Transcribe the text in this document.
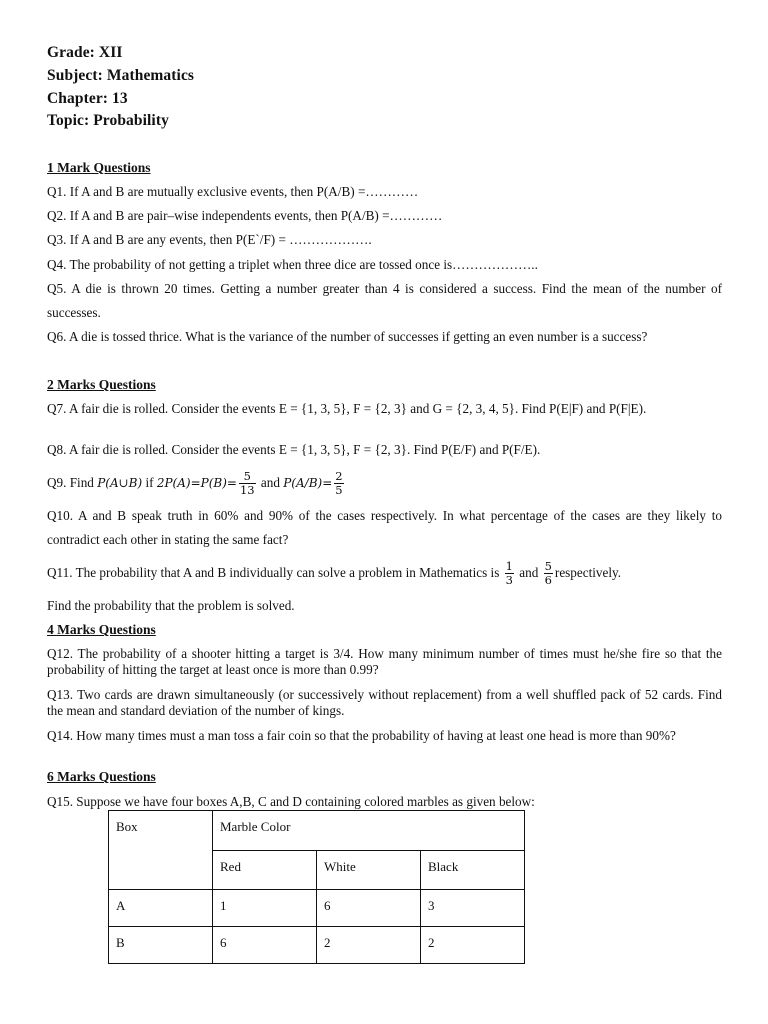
Grade: XII
Subject: Mathematics
Chapter: 13
Topic: Probability
1 Mark Questions
Q1. If A and B are mutually exclusive events, then P(A/B) =…………
Q2. If A and B are pair–wise independents events, then P(A/B) =…………
Q3. If A and B are any events, then P(E`/F) = ……………….
Q4. The probability of not getting a triplet when three dice are tossed once is………………..
Q5. A die is thrown 20 times. Getting a number greater than 4 is considered a success. Find the mean of the number of successes.
Q6. A die is tossed thrice. What is the variance of the number of successes if getting an even number is a success?
2 Marks Questions
Q7. A fair die is rolled. Consider the events E = {1, 3, 5}, F = {2, 3} and G = {2, 3, 4, 5}. Find P(E|F) and P(F|E).
Q8. A fair die is rolled. Consider the events E = {1, 3, 5}, F = {2, 3}. Find P(E/F) and P(F/E).
Q9. Find P(A∪B) if $2P(A)=P(B)= \frac{5}{13}$ and $P(A/B)= \frac{2}{5}$
Q10. A and B speak truth in 60% and 90% of the cases respectively. In what percentage of the cases are they likely to contradict each other in stating the same fact?
Q11. The probability that A and B individually can solve a problem in Mathematics is $\frac{1}{3}$ and $\frac{5}{6}$ respectively.
Find the probability that the problem is solved.
4 Marks Questions
Q12. The probability of a shooter hitting a target is 3/4. How many minimum number of times must he/she fire so that the probability of hitting the target at least once is more than 0.99?
Q13. Two cards are drawn simultaneously (or successively without replacement) from a well shuffled pack of 52 cards. Find the mean and standard deviation of the number of kings.
Q14. How many times must a man toss a fair coin so that the probability of having at least one head is more than 90%?
6 Marks Questions
Q15. Suppose we have four boxes A,B, C and D containing colored marbles as given below:
Box	Marble Color		
	Red	White	Black
A	1	6	3
B	6	2	2
